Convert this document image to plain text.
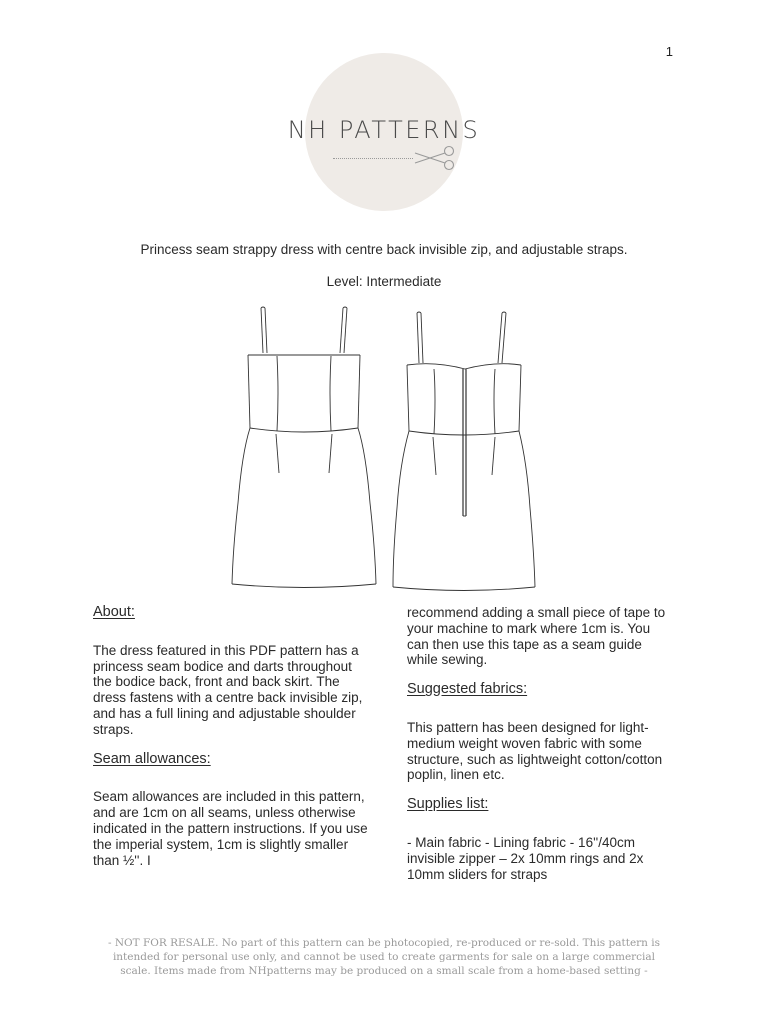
1
NH PATTERNS
Princess seam strappy dress with centre back invisible zip, and adjustable straps.
Level: Intermediate
About:
The dress featured in this PDF pattern has a princess seam bodice and darts throughout the bodice back, front and back skirt. The dress fastens with a centre back invisible zip, and has a full lining and adjustable shoulder straps.
Seam allowances:
Seam allowances are included in this pattern, and are 1cm on all seams, unless otherwise indicated in the pattern instructions. If you use the imperial system, 1cm is slightly smaller than ½''. I
recommend adding a small piece of tape to your machine to mark where 1cm is. You can then use this tape as a seam guide while sewing.
Suggested fabrics:
This pattern has been designed for light-medium weight woven fabric with some structure, such as lightweight cotton/cotton poplin, linen etc.
Supplies list:
- Main fabric - Lining fabric - 16''/40cm invisible zipper – 2x 10mm rings and 2x 10mm sliders for straps
- NOT FOR RESALE. No part of this pattern can be photocopied, re-produced or re-sold. This pattern is intended for personal use only, and cannot be used to create garments for sale on a large commercial scale. Items made from NHpatterns may be produced on a small scale from a home-based setting -
